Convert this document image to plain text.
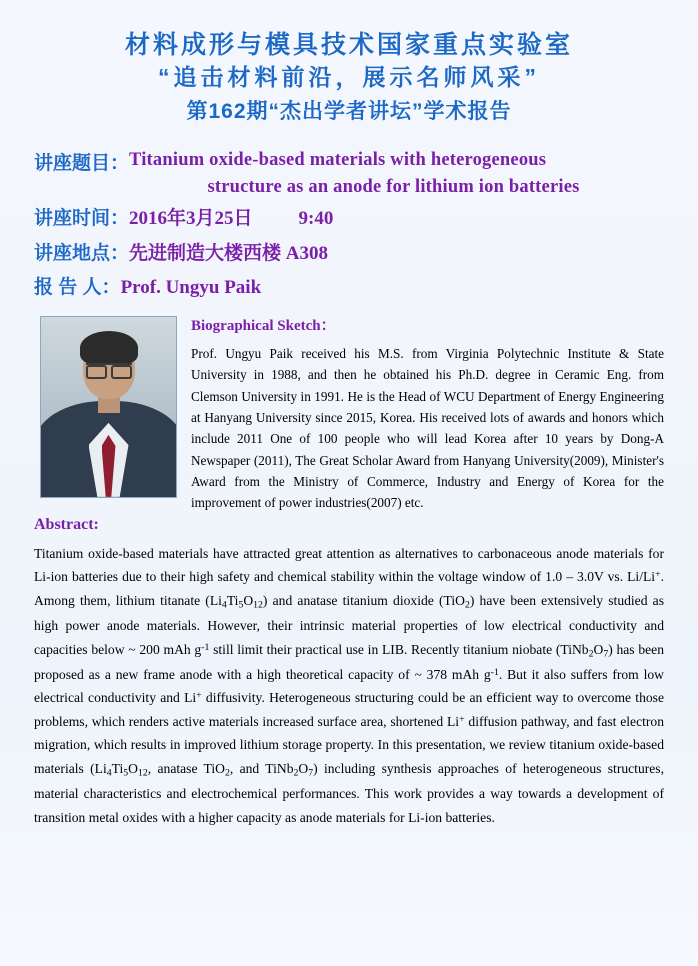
材料成形与模具技术国家重点实验室
“追击材料前沿，展示名师风采”
第162期“杰出学者讲坛”学术报告
讲座题目： Titanium oxide-based materials with heterogeneous
structure as an anode for lithium ion batteries
讲座时间： 2016年3月25日 9:40
讲座地点： 先进制造大楼西楼 A308
报 告 人： Prof. Ungyu Paik
Biographical Sketch：
Prof. Ungyu Paik received his M.S. from Virginia Polytechnic Institute & State University in 1988, and then he obtained his Ph.D. degree in Ceramic Eng. from Clemson University in 1991. He is the Head of WCU Department of Energy Engineering at Hanyang University since 2015, Korea. His received lots of awards and honors which include 2011 One of 100 people who will lead Korea after 10 years by Dong-A Newspaper (2011), The Great Scholar Award from Hanyang University(2009), Minister's Award from the Ministry of Commerce, Industry and Energy of Korea for the improvement of power industries(2007) etc.
Abstract:
Titanium oxide-based materials have attracted great attention as alternatives to carbonaceous anode materials for Li-ion batteries due to their high safety and chemical stability within the voltage window of 1.0 – 3.0V vs. Li/Li+. Among them, lithium titanate $(Li_4Ti_5O_{12})$ and anatase titanium dioxide (TiO$_2$) have been extensively studied as high power anode materials. However, their intrinsic material properties of low electrical conductivity and capacities below ~ 200 mAh $g^{-1}$ still limit their practical use in LIB. Recently titanium niobate $(TiNb_2O_7)$ has been proposed as a new frame anode with a high theoretical capacity of ~ 378 mAh $g^{-1}$. But it also suffers from low electrical conductivity and Li+ diffusivity. Heterogeneous structuring could be an efficient way to overcome those problems, which renders active materials increased surface area, shortened Li+ diffusion pathway, and fast electron migration, which results in improved lithium storage property. In this presentation, we review titanium oxide-based materials ($Li_4Ti_5O_{12}$, anatase TiO$_2$, and $TiNb_2O_7$) including synthesis approaches of heterogeneous structures, material characteristics and electrochemical performances. This work provides a way towards a development of transition metal oxides with a higher capacity as anode materials for Li-ion batteries.
